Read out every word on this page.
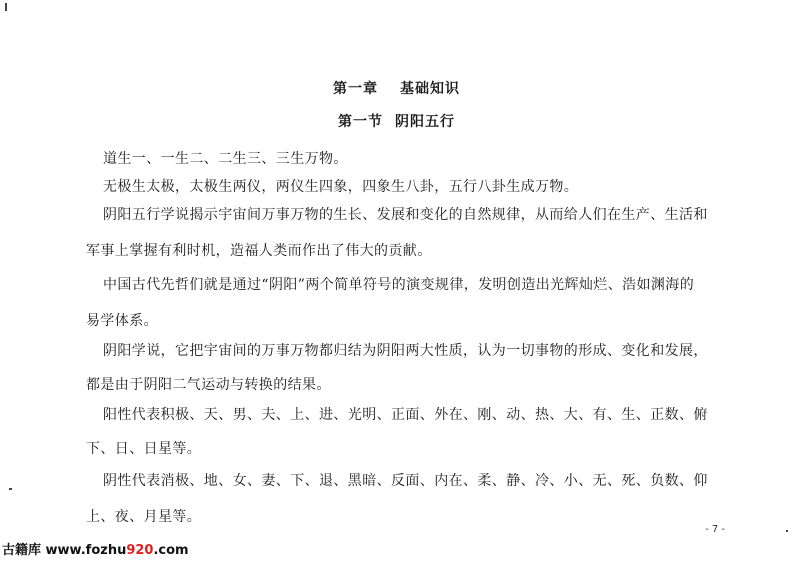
第一章 基础知识
第一节 阴阳五行
道生一、一生二、二生三、三生万物。
无极生太极，太极生两仪，两仪生四象，四象生八卦，五行八卦生成万物。
阴阳五行学说揭示宇宙间万事万物的生长、发展和变化的自然规律，从而给人们在生产、生活和
军事上掌握有利时机，造福人类而作出了伟大的贡献。
中国古代先哲们就是通过“阴阳”两个简单符号的演变规律，发明创造出光辉灿烂、浩如渊海的
易学体系。
阴阳学说，它把宇宙间的万事万物都归结为阴阳两大性质，认为一切事物的形成、变化和发展，
都是由于阴阳二气运动与转换的结果。
阳性代表积极、天、男、夫、上、进、光明、正面、外在、刚、动、热、大、有、生、正数、俯
下、日、日星等。
阴性代表消极、地、女、妻、下、退、黑暗、反面、内在、柔、静、冷、小、无、死、负数、仰
上、夜、月星等。
- 7 -
古籍库 www.fozhu920.com
